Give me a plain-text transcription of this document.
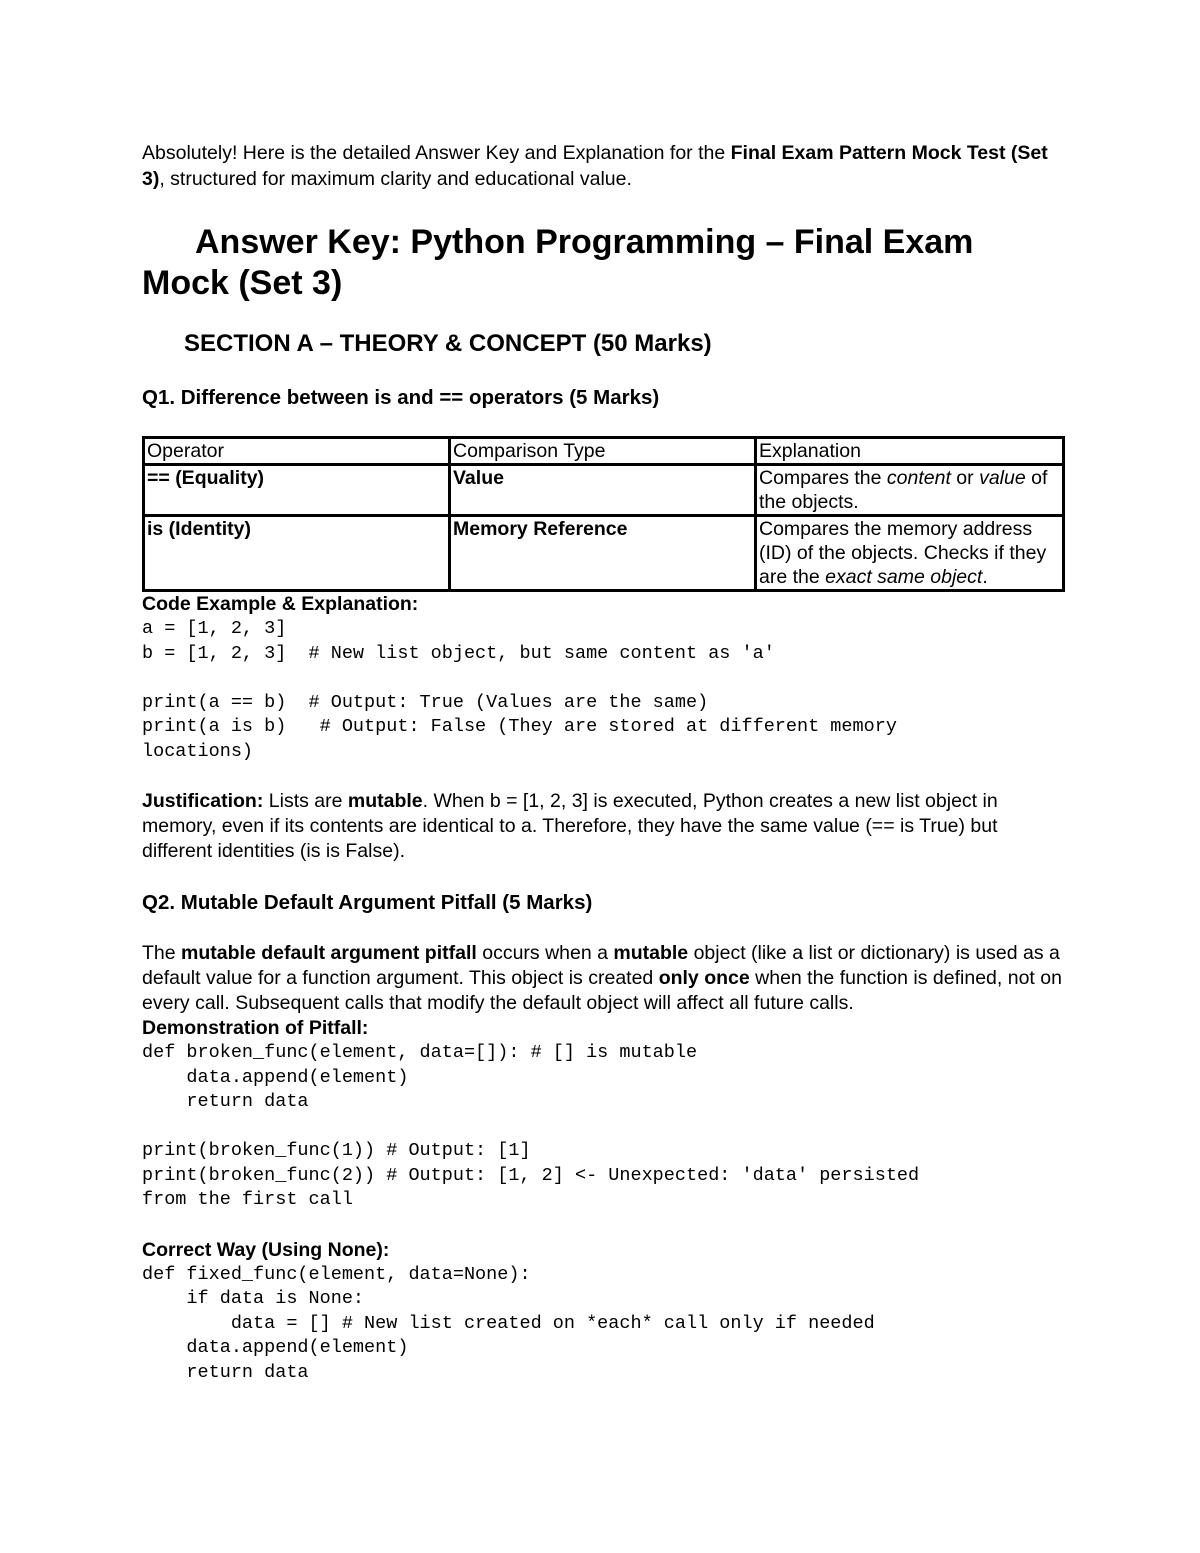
Absolutely! Here is the detailed Answer Key and Explanation for the Final Exam Pattern Mock Test (Set 3), structured for maximum clarity and educational value.

Answer Key: Python Programming – Final Exam Mock (Set 3)
SECTION A – THEORY & CONCEPT (50 Marks)
Q1. Difference between is and == operators (5 Marks)
Operator	Comparison Type	Explanation
== (Equality)	Value	Compares the content or value of the objects.
is (Identity)	Memory Reference	Compares the memory address (ID) of the objects. Checks if they are the exact same object.

Code Example & Explanation:

a = [1, 2, 3]
b = [1, 2, 3]  # New list object, but same content as 'a'
print(a == b)  # Output: True (Values are the same)
print(a is b)   # Output: False (They are stored at different memory
locations)

Justification: Lists are mutable. When b = [1, 2, 3] is executed, Python creates a new list object in memory, even if its contents are identical to a. Therefore, they have the same value (== is True) but different identities (is is False).

Q2. Mutable Default Argument Pitfall (5 Marks)

The mutable default argument pitfall occurs when a mutable object (like a list or dictionary) is used as a default value for a function argument. This object is created only once when the function is defined, not on every call. Subsequent calls that modify the default object will affect all future calls.

Demonstration of Pitfall:

def broken_func(element, data=[]): # [] is mutable
data.append(element)
return data
print(broken_func(1)) # Output: [1]
print(broken_func(2)) # Output: [1, 2] <- Unexpected: 'data' persisted
from the first call

Correct Way (Using None):

def fixed_func(element, data=None):
if data is None:
data = [] # New list created on *each* call only if needed
data.append(element)
return data
